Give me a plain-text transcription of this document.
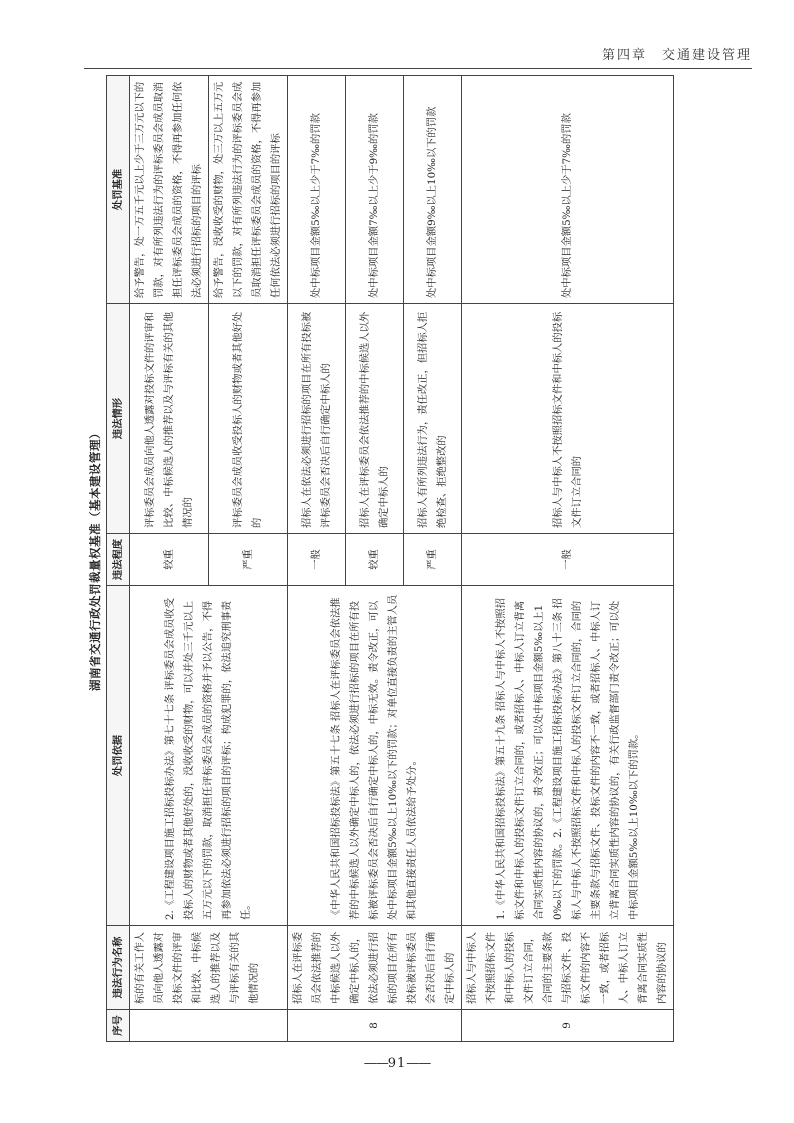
第四章　交通建设管理
湖南省交通行政处罚裁量权基准（基本建设管理）
序号	违法行为名称	处罚依据	违法程度	违法情形	处罚基准
	标的有关工作人员向他人透露对投标文件的评审和比较、中标候选人的推荐以及与评标有关的其他情况的	2.《工程建设项目施工招标投标办法》第七十七条 评标委员会成员收受投标人的财物或者其他好处的，没收收受的财物，可以并处三千元以上五万元以下的罚款，取消担任评标委员会成员的资格并予以公告，不得再参加依法必须进行招标的项目的评标；构成犯罪的，依法追究刑事责任。	较重	评标委员会成员向他人透露对投标文件的评审和比较、中标候选人的推荐以及与评标有关的其他情况的	给予警告，处一万五千元以上少于三万元以下的罚款，对有所列违法行为的评标委员会成员取消担任评标委员会成员的资格，不得再参加任何依法必须进行招标的项目的评标
			严重	评标委员会成员收受投标人的财物或者其他好处的	给予警告，没收收受的财物，处三万以上五万元以下的罚款，对有所列违法行为的评标委员会成员取消担任评标委员会成员的资格，不得再参加任何依法必须进行招标的项目的评标
8	招标人在评标委员会依法推荐的中标候选人以外确定中标人的，依法必须进行招标的项目在所有投标被评标委员会否决后自行确定中标人的	《中华人民共和国招标投标法》第五十七条 招标人在评标委员会依法推荐的中标候选人以外确定中标人的，依法必须进行招标的项目在所有投标被评标委员会否决后自行确定中标人的，中标无效。责令改正，可以处中标项目金额5‰以上10‰以下的罚款；对单位直接负责的主管人员和其他直接责任人员依法给予处分。	一般	招标人在依法必须进行招标的项目在所有投标被评标委员会否决后自行确定中标人的	处中标项目金额5‰以上少于7‰的罚款
			较重	招标人在评标委员会依法推荐的中标候选人以外确定中标人的	处中标项目金额7‰以上少于9‰的罚款
			严重	招标人有所列违法行为，责任改正，但招标人拒绝检查、拒绝整改的	处中标项目金额9‰以上10‰以下的罚款
9	招标人与中标人不按照招标文件和中标人的投标文件订立合同，合同的主要条款与招标文件、投标文件的内容不一致，或者招标人、中标人订立背离合同实质性内容的协议的	1.《中华人民共和国招标投标法》第五十九条 招标人与中标人不按照招标文件和中标人的投标文件订立合同的，或者招标人、中标人订立背离合同实质性内容的协议的，责令改正；可以处中标项目金额5‰以上10‰以下的罚款。2.《工程建设项目施工招标投标办法》第八十三条 招标人与中标人不按照招标文件和中标人的投标文件订立合同的，合同的主要条款与招标文件、投标文件的内容不一致，或者招标人、中标人订立背离合同实质性内容的协议的，有关行政监督部门责令改正；可以处中标项目金额5‰以上10‰以下的罚款。	一般	招标人与中标人不按照招标文件和中标人的投标文件订立合同的	处中标项目金额5‰以上少于7‰的罚款
——91——
